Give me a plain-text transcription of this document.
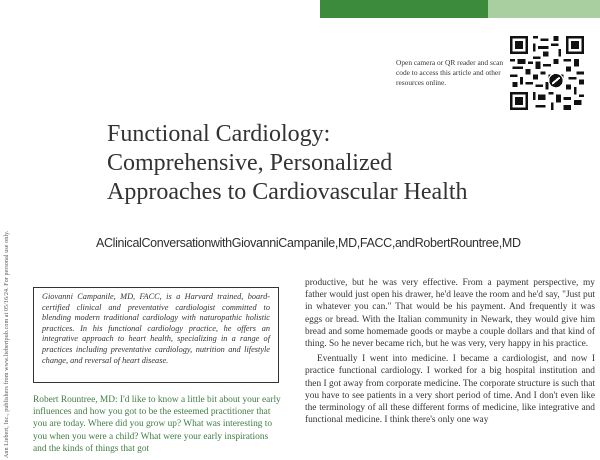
Ann Liebert, Inc., publishers from www.liebertpub.com at 05/16/24. For personal use only.
Open camera or QR reader and scan code to access this article and other resources online.
Functional Cardiology:
Comprehensive, Personalized
Approaches to Cardiovascular Health
AClinicalConversationwithGiovanniCampanile,MD,FACC,andRobertRountree,MD
Giovanni Campanile, MD, FACC, is a Harvard trained, board-certified clinical and preventative cardiologist committed to blending modern traditional cardiology with naturopathic holistic practices. In his functional cardiology practice, he offers an integrative approach to heart health, specializing in a range of practices including preventative cardiology, nutrition and lifestyle change, and reversal of heart disease.
Robert Rountree, MD: I'd like to know a little bit about your early influences and how you got to be the esteemed practitioner that you are today. Where did you grow up? What was interesting to you when you were a child? What were your early inspirations and the kinds of things that got

productive, but he was very effective. From a payment perspective, my father would just open his drawer, he'd leave the room and he'd say, "Just put in whatever you can." That would be his payment. And frequently it was eggs or bread. With the Italian community in Newark, they would give him bread and some homemade goods or maybe a couple dollars and that kind of thing. So he never became rich, but he was very, very happy in his practice.

Eventually I went into medicine. I became a cardiologist, and now I practice functional cardiology. I worked for a big hospital institution and then I got away from corporate medicine. The corporate structure is such that you have to see patients in a very short period of time. And I don't even like the terminology of all these different forms of medicine, like integrative and functional medicine. I think there's only one way
